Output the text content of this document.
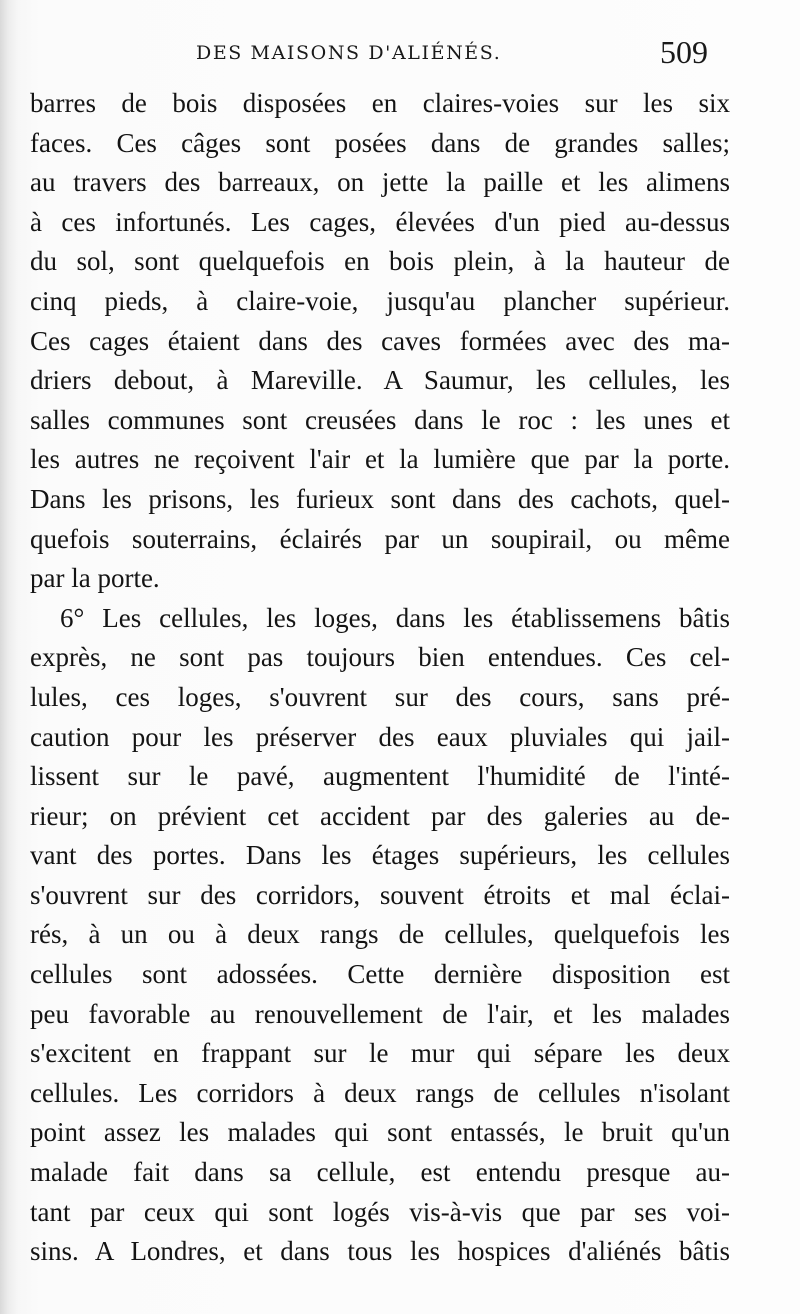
DES MAISONS D'ALIÉNÉS.	509
barres de bois disposées en claires-voies sur les six
faces. Ces câges sont posées dans de grandes salles;
au travers des barreaux, on jette la paille et les alimens
à ces infortunés. Les cages, élevées d'un pied au-dessus
du sol, sont quelquefois en bois plein, à la hauteur de
cinq pieds, à claire-voie, jusqu'au plancher supérieur.
Ces cages étaient dans des caves formées avec des ma-
driers debout, à Mareville. A Saumur, les cellules, les
salles communes sont creusées dans le roc : les unes et
les autres ne reçoivent l'air et la lumière que par la porte.
Dans les prisons, les furieux sont dans des cachots, quel-
quefois souterrains, éclairés par un soupirail, ou même
par la porte.
6° Les cellules, les loges, dans les établissemens bâtis
exprès, ne sont pas toujours bien entendues. Ces cel-
lules, ces loges, s'ouvrent sur des cours, sans pré-
caution pour les préserver des eaux pluviales qui jail-
lissent sur le pavé, augmentent l'humidité de l'inté-
rieur; on prévient cet accident par des galeries au de-
vant des portes. Dans les étages supérieurs, les cellules
s'ouvrent sur des corridors, souvent étroits et mal éclai-
rés, à un ou à deux rangs de cellules, quelquefois les
cellules sont adossées. Cette dernière disposition est
peu favorable au renouvellement de l'air, et les malades
s'excitent en frappant sur le mur qui sépare les deux
cellules. Les corridors à deux rangs de cellules n'isolant
point assez les malades qui sont entassés, le bruit qu'un
malade fait dans sa cellule, est entendu presque au-
tant par ceux qui sont logés vis-à-vis que par ses voi-
sins. A Londres, et dans tous les hospices d'aliénés bâtis
